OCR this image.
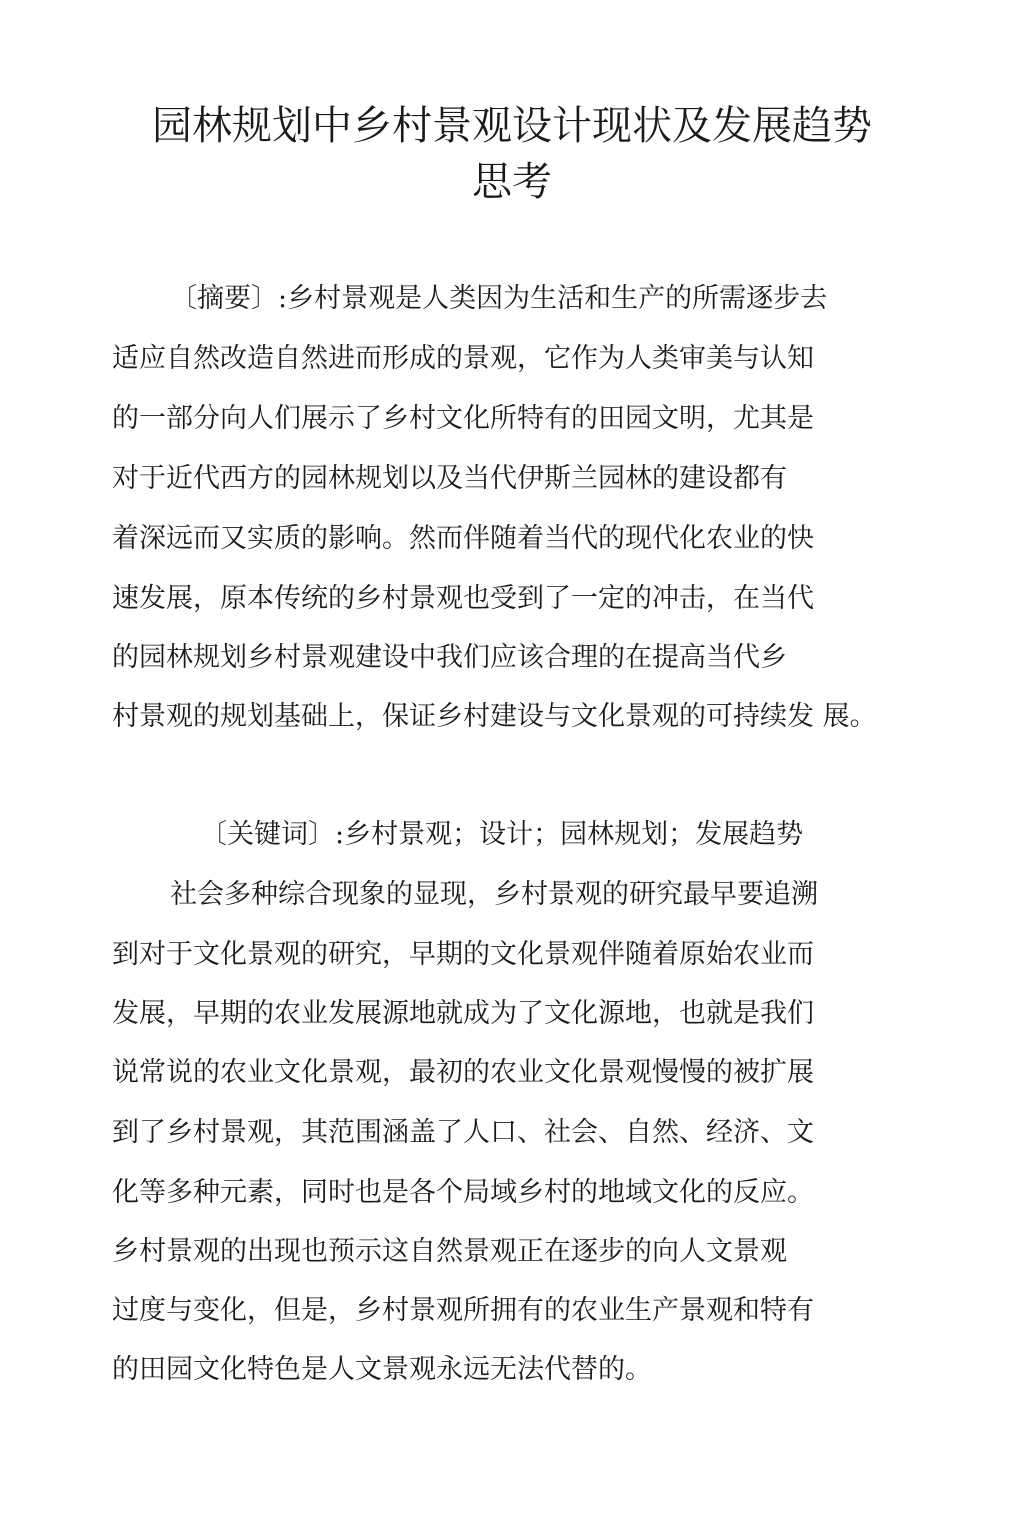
园林规划中乡村景观设计现状及发展趋势
思考
〔摘要〕:乡村景观是人类因为生活和生产的所需逐步去
适应自然改造自然进而形成的景观，它作为人类审美与认知
的一部分向人们展示了乡村文化所特有的田园文明，尤其是
对于近代西方的园林规划以及当代伊斯兰园林的建设都有
着深远而又实质的影响。然而伴随着当代的现代化农业的快
速发展，原本传统的乡村景观也受到了一定的冲击，在当代
的园林规划乡村景观建设中我们应该合理的在提高当代乡
村景观的规划基础上，保证乡村建设与文化景观的可持续发 展。
〔关键词〕:乡村景观；设计；园林规划；发展趋势
社会多种综合现象的显现，乡村景观的研究最早要追溯
到对于文化景观的研究，早期的文化景观伴随着原始农业而
发展，早期的农业发展源地就成为了文化源地，也就是我们
说常说的农业文化景观，最初的农业文化景观慢慢的被扩展
到了乡村景观，其范围涵盖了人口、社会、自然、经济、文
化等多种元素，同时也是各个局域乡村的地域文化的反应。
乡村景观的出现也预示这自然景观正在逐步的向人文景观
过度与变化，但是，乡村景观所拥有的农业生产景观和特有
的田园文化特色是人文景观永远无法代替的。
